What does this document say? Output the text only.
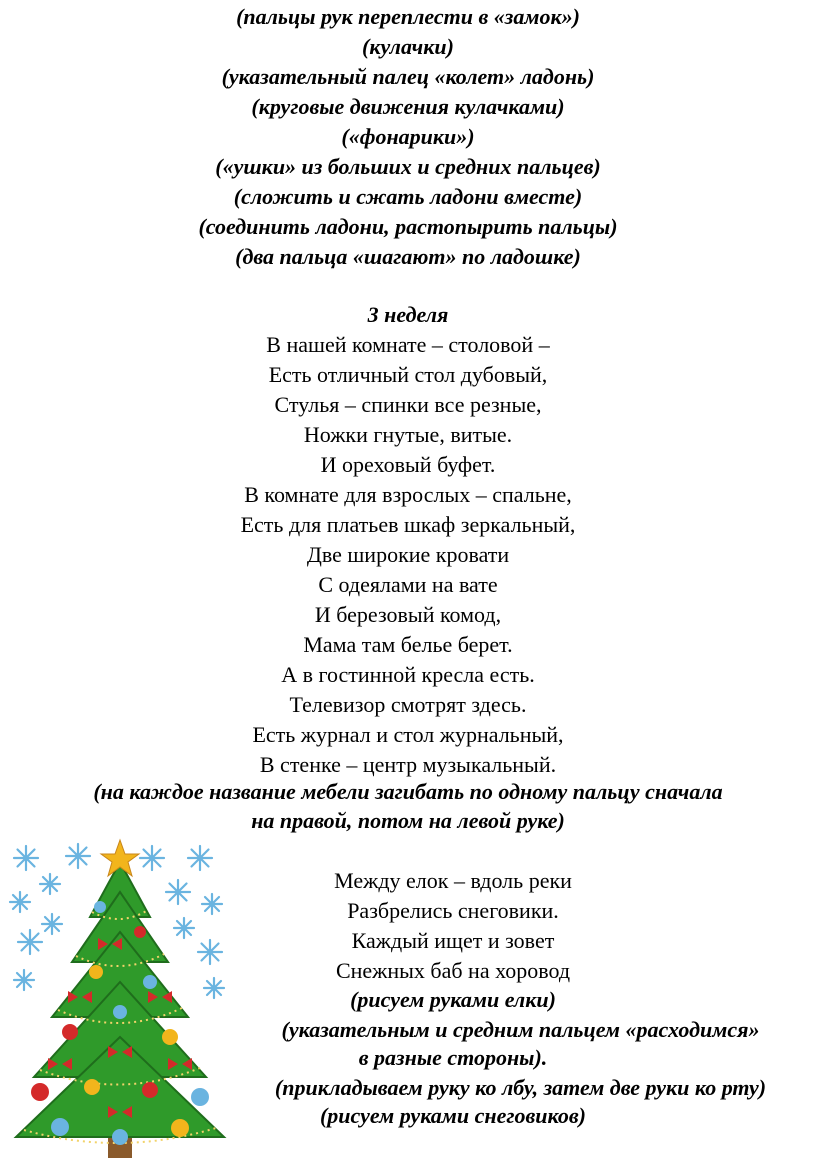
(пальцы рук переплести в «замок»)
(кулачки)
(указательный палец «колет» ладонь)
(круговые движения кулачками)
(«фонарики»)
(«ушки» из больших и средних пальцев)
(сложить и сжать ладони вместе)
(соединить ладони, растопырить пальцы)
(два пальца «шагают» по ладошке)
3 неделя
В нашей комнате – столовой –
Есть отличный стол дубовый,
Стулья – спинки все резные,
Ножки гнутые, витые.
И ореховый буфет.
В комнате для взрослых – спальне,
Есть для платьев шкаф зеркальный,
Две широкие кровати
С одеялами на вате
И березовый комод,
Мама там белье берет.
А в гостинной кресла есть.
Телевизор смотрят здесь.
Есть журнал и стол журнальный,
В стенке – центр музыкальный.
(на каждое название мебели загибать по одному пальцу сначала
на правой, потом на левой руке)
Между елок – вдоль реки
Разбрелись снеговики.
Каждый ищет и зовет
Снежных баб на хоровод
(рисуем руками елки)
(указательным и средним пальцем «расходимся»
в разные стороны).
(прикладываем руку ко лбу, затем две руки ко рту)
(рисуем руками снеговиков)
